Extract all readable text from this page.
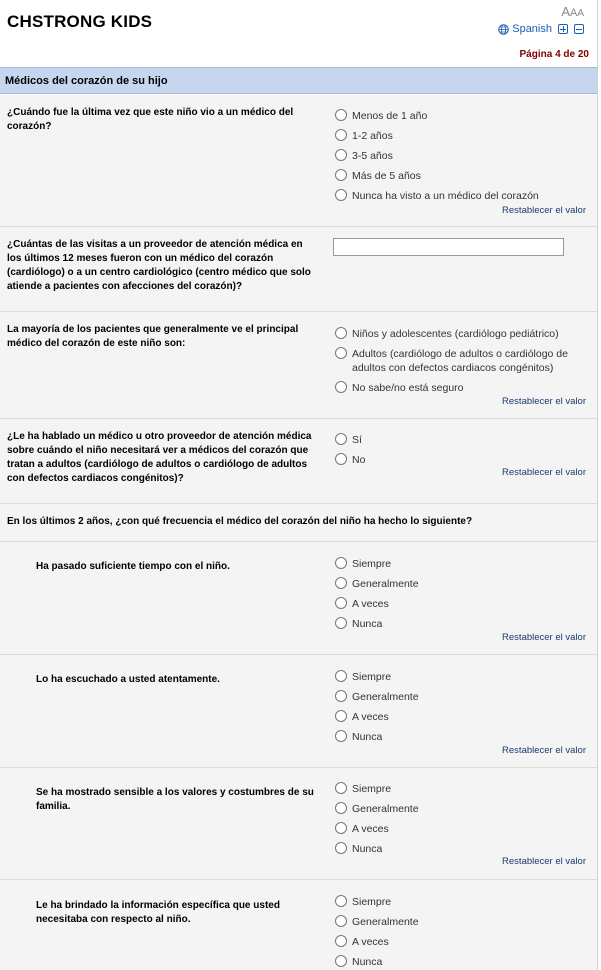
CHSTRONG KIDS
AAA
Spanish
Página 4 de 20
Médicos del corazón de su hijo
¿Cuándo fue la última vez que este niño vio a un médico del corazón?
Menos de 1 año
1-2 años
3-5 años
Más de 5 años
Nunca ha visto a un médico del corazón
Restablecer el valor
¿Cuántas de las visitas a un proveedor de atención médica en los últimos 12 meses fueron con un médico del corazón (cardiólogo) o a un centro cardiológico (centro médico que solo atiende a pacientes con afecciones del corazón)?
La mayoría de los pacientes que generalmente ve el principal médico del corazón de este niño son:
Niños y adolescentes (cardiólogo pediátrico)
Adultos (cardiólogo de adultos o cardiólogo de adultos con defectos cardiacos congénitos)
No sabe/no está seguro
Restablecer el valor
¿Le ha hablado un médico u otro proveedor de atención médica sobre cuándo el niño necesitará ver a médicos del corazón que tratan a adultos (cardiólogo de adultos o cardiólogo de adultos con defectos cardiacos congénitos)?
Sí
No
Restablecer el valor
En los últimos 2 años, ¿con qué frecuencia el médico del corazón del niño ha hecho lo siguiente?
Ha pasado suficiente tiempo con el niño.	Siempre
Generalmente
A veces
Nunca
Restablecer el valor
Lo ha escuchado a usted atentamente.	Siempre
Generalmente
A veces
Nunca
Restablecer el valor
Se ha mostrado sensible a los valores y costumbres de su familia.
Siempre
Generalmente
A veces
Nunca
Restablecer el valor
Le ha brindado la información específica que usted necesitaba con respecto al niño.
Siempre
Generalmente
A veces
Nunca
